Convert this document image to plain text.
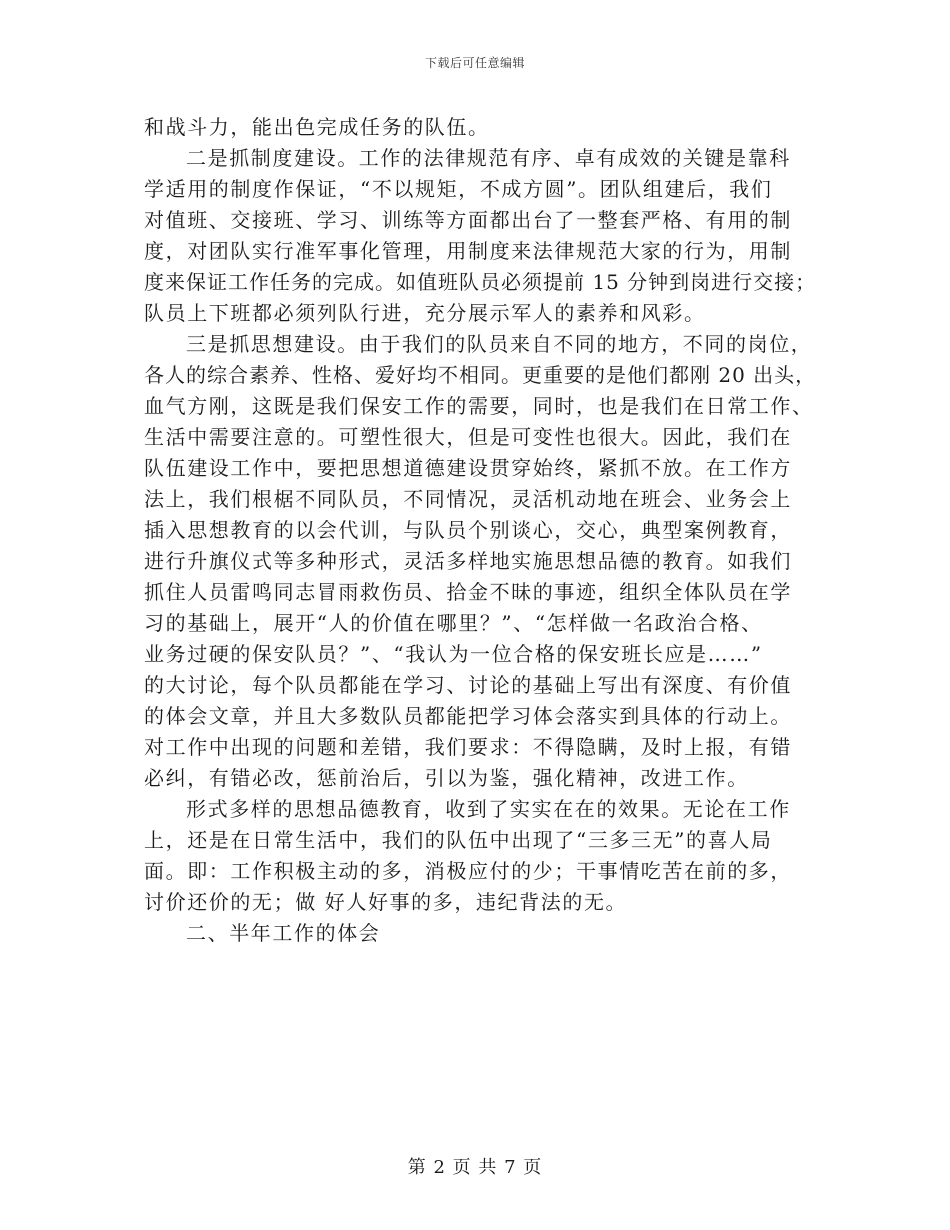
下载后可任意编辑
和战斗力，能出色完成任务的队伍。
二是抓制度建设。工作的法律规范有序、卓有成效的关键是靠科
学适用的制度作保证，“不以规矩，不成方圆”。团队组建后，我们
对值班、交接班、学习、训练等方面都出台了一整套严格、有用的制
度，对团队实行准军事化管理，用制度来法律规范大家的行为，用制
度来保证工作任务的完成。如值班队员必须提前 15 分钟到岗进行交接；
队员上下班都必须列队行进，充分展示军人的素养和风彩。
三是抓思想建设。由于我们的队员来自不同的地方，不同的岗位，
各人的综合素养、性格、爱好均不相同。更重要的是他们都刚 20 出头，
血气方刚，这既是我们保安工作的需要，同时，也是我们在日常工作、
生活中需要注意的。可塑性很大，但是可变性也很大。因此，我们在
队伍建设工作中，要把思想道德建设贯穿始终，紧抓不放。在工作方
法上，我们根椐不同队员，不同情况，灵活机动地在班会、业务会上
插入思想教育的以会代训，与队员个别谈心，交心，典型案例教育，
进行升旗仪式等多种形式，灵活多样地实施思想品德的教育。如我们
抓住人员雷鸣同志冒雨救伤员、拾金不昧的事迹，组织全体队员在学
习的基础上，展开“人的价值在哪里？”、“怎样做一名政治合格、
业务过硬的保安队员？”、“我认为一位合格的保安班长应是……”
的大讨论，每个队员都能在学习、讨论的基础上写出有深度、有价值
的体会文章，并且大多数队员都能把学习体会落实到具体的行动上。
对工作中出现的问题和差错，我们要求：不得隐瞒，及时上报，有错
必纠，有错必改，惩前治后，引以为鉴，强化精神，改进工作。
形式多样的思想品德教育，收到了实实在在的效果。无论在工作
上，还是在日常生活中，我们的队伍中出现了“三多三无”的喜人局
面。即：工作积极主动的多，消极应付的少；干事情吃苦在前的多，
讨价还价的无；做 好人好事的多，违纪背法的无。
二、半年工作的体会
第 2 页 共 7 页
